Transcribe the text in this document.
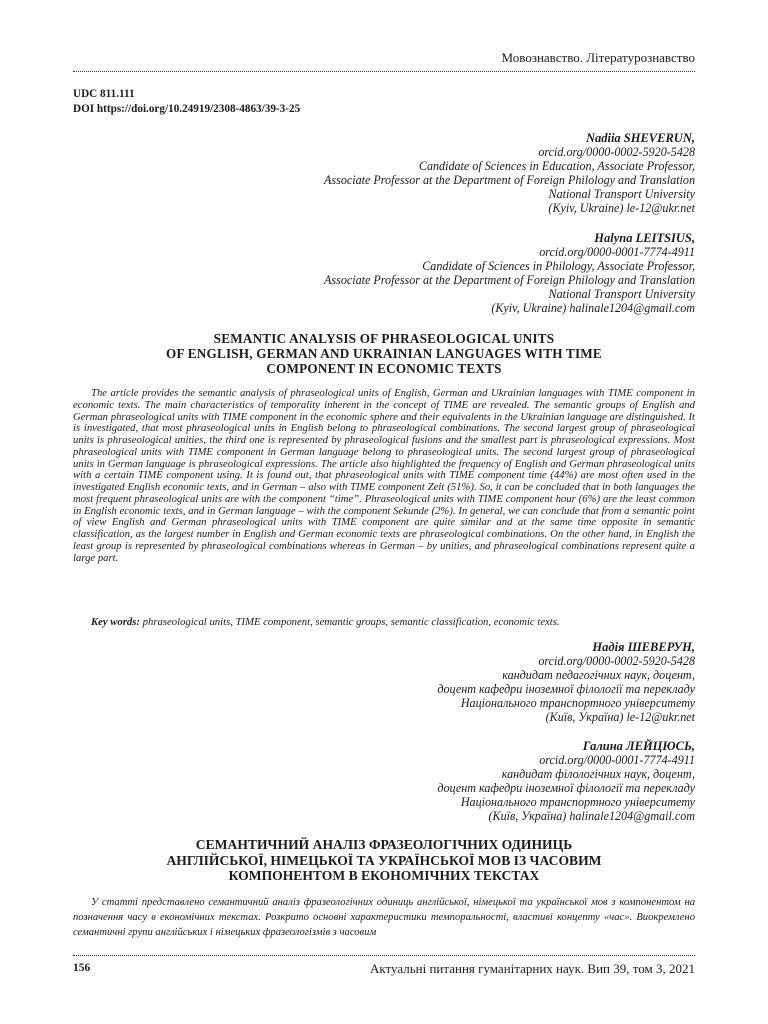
Мовознавство. Літературознавство
UDC 811.111
DOI https://doi.org/10.24919/2308-4863/39-3-25
Nadiia SHEVERUN,
orcid.org/0000-0002-5920-5428
Candidate of Sciences in Education, Associate Professor,
Associate Professor at the Department of Foreign Philology and Translation
National Transport University
(Kyiv, Ukraine) le-12@ukr.net
Halyna LEITSIUS,
orcid.org/0000-0001-7774-4911
Candidate of Sciences in Philology, Associate Professor,
Associate Professor at the Department of Foreign Philology and Translation
National Transport University
(Kyiv, Ukraine) halinale1204@gmail.com
SEMANTIC ANALYSIS OF PHRASEOLOGICAL UNITS
OF ENGLISH, GERMAN AND UKRAINIAN LANGUAGES WITH TIME
COMPONENT IN ECONOMIC TEXTS
The article provides the semantic analysis of phraseological units of English, German and Ukrainian languages with TIME component in economic texts. The main characteristics of temporality inherent in the concept of TIME are revealed. The semantic groups of English and German phraseological units with TIME component in the economic sphere and their equivalents in the Ukrainian language are distinguished. It is investigated, that most phraseological units in English belong to phraseological combinations. The second largest group of phraseological units is phraseological unities, the third one is represented by phraseological fusions and the smallest part is phraseological expressions. Most phraseological units with TIME component in German language belong to phraseological units. The second largest group of phraseological units in German language is phraseological expressions. The article also highlighted the frequency of English and German phraseological units with a certain TIME component using. It is found out, that phraseological units with TIME component time (44%) are most often used in the investigated English economic texts, and in German – also with TIME component Zeit (51%). So, it can be concluded that in both languages the most frequent phraseological units are with the component “time”. Phraseological units with TIME component hour (6%) are the least common in English economic texts, and in German language – with the component Sekunde (2%). In general, we can conclude that from a semantic point of view English and German phraseological units with TIME component are quite similar and at the same time opposite in semantic classification, as the largest number in English and German economic texts are phraseological combinations. On the other hand, in English the least group is represented by phraseological combinations whereas in German – by unities, and phraseological combinations represent quite a large part.
Key words: phraseological units, TIME component, semantic groups, semantic classification, economic texts.
Надія ШЕВЕРУН,
orcid.org/0000-0002-5920-5428
кандидат педагогічних наук, доцент,
доцент кафедри іноземної філології та перекладу
Національного транспортного університету
(Київ, Україна) le-12@ukr.net
Галина ЛЕЙЦЮСЬ,
orcid.org/0000-0001-7774-4911
кандидат філологічних наук, доцент,
доцент кафедри іноземної філології та перекладу
Національного транспортного університету
(Київ, Україна) halinale1204@gmail.com
СЕМАНТИЧНИЙ АНАЛІЗ ФРАЗЕОЛОГІЧНИХ ОДИНИЦЬ
АНГЛІЙСЬКОЇ, НІМЕЦЬКОЇ ТА УКРАЇНСЬКОЇ МОВ ІЗ ЧАСОВИМ
КОМПОНЕНТОМ В ЕКОНОМІЧНИХ ТЕКСТАХ
У статті представлено семантичний аналіз фразеологічних одиниць англійської, німецької та української мов з компонентом на позначення часу в економічних текстах. Розкрито основні характеристики темпоральності, властиві концепту «час». Виокремлено семантичні групи англійських і німецьких фразеологізмів з часовим
156	Актуальні питання гуманітарних наук. Вип 39, том 3, 2021
